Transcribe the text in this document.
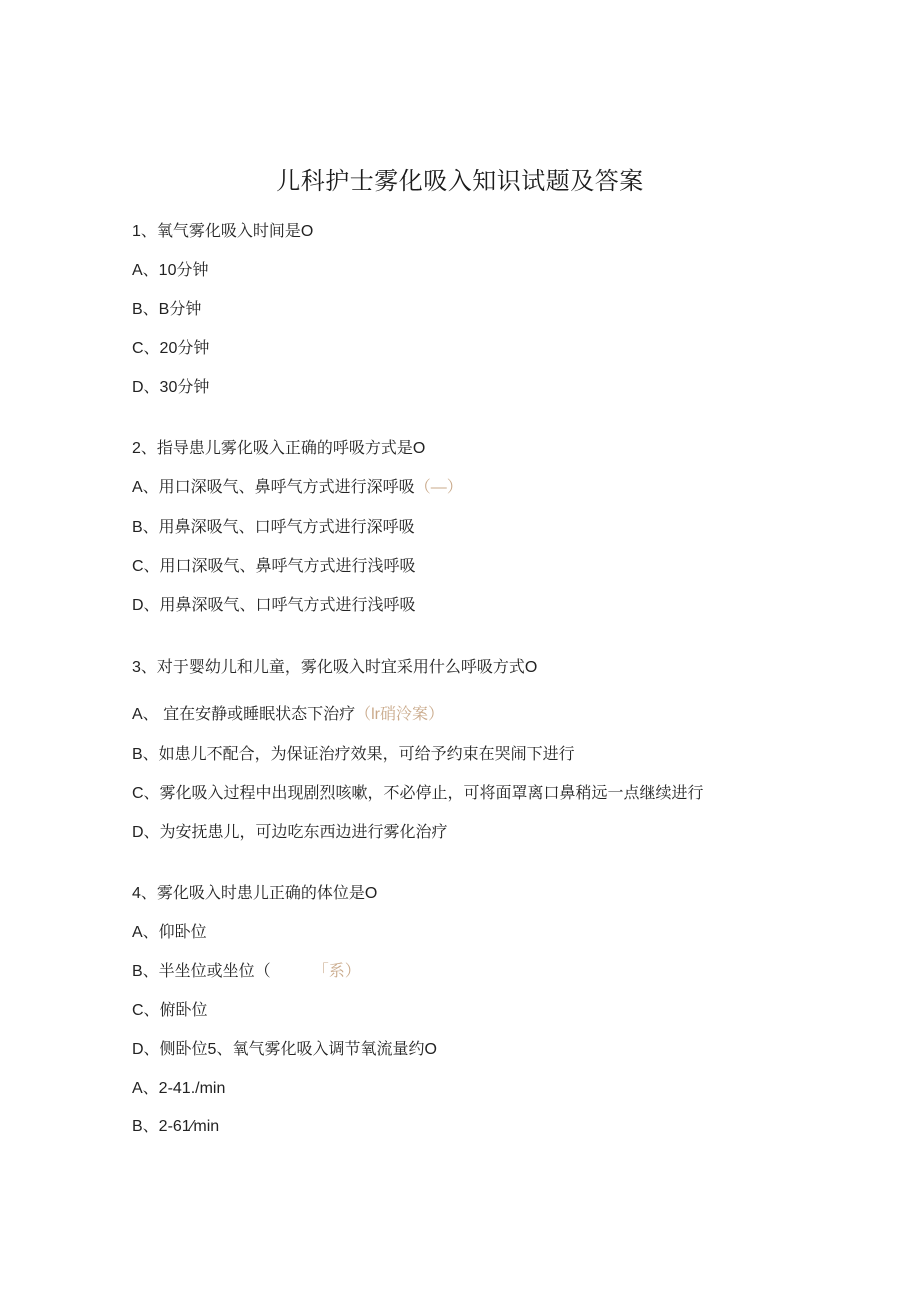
儿科护士雾化吸入知识试题及答案
1、氧气雾化吸入时间是O
A、10分钟
B、B分钟
C、20分钟
D、30分钟
2、指导患儿雾化吸入正确的呼吸方式是O
A、用口深吸气、鼻呼气方式进行深呼吸（—）
B、用鼻深吸气、口呼气方式进行深呼吸
C、用口深吸气、鼻呼气方式进行浅呼吸
D、用鼻深吸气、口呼气方式进行浅呼吸
3、对于婴幼儿和儿童，雾化吸入时宜采用什么呼吸方式O
A、 宜在安静或睡眠状态下治疗（lr硝泠案）
B、如患儿不配合，为保证治疗效果，可给予约束在哭闹下进行
C、雾化吸入过程中出现剧烈咳嗽，不必停止，可将面罩离口鼻稍远一点继续进行
D、为安抚患儿，可边吃东西边进行雾化治疗
4、雾化吸入时患儿正确的体位是O
A、仰卧位
B、半坐位或坐位（	「系）
C、俯卧位
D、侧卧位5、氧气雾化吸入调节氧流量约O
A、2-41./min
B、2-61∕min
